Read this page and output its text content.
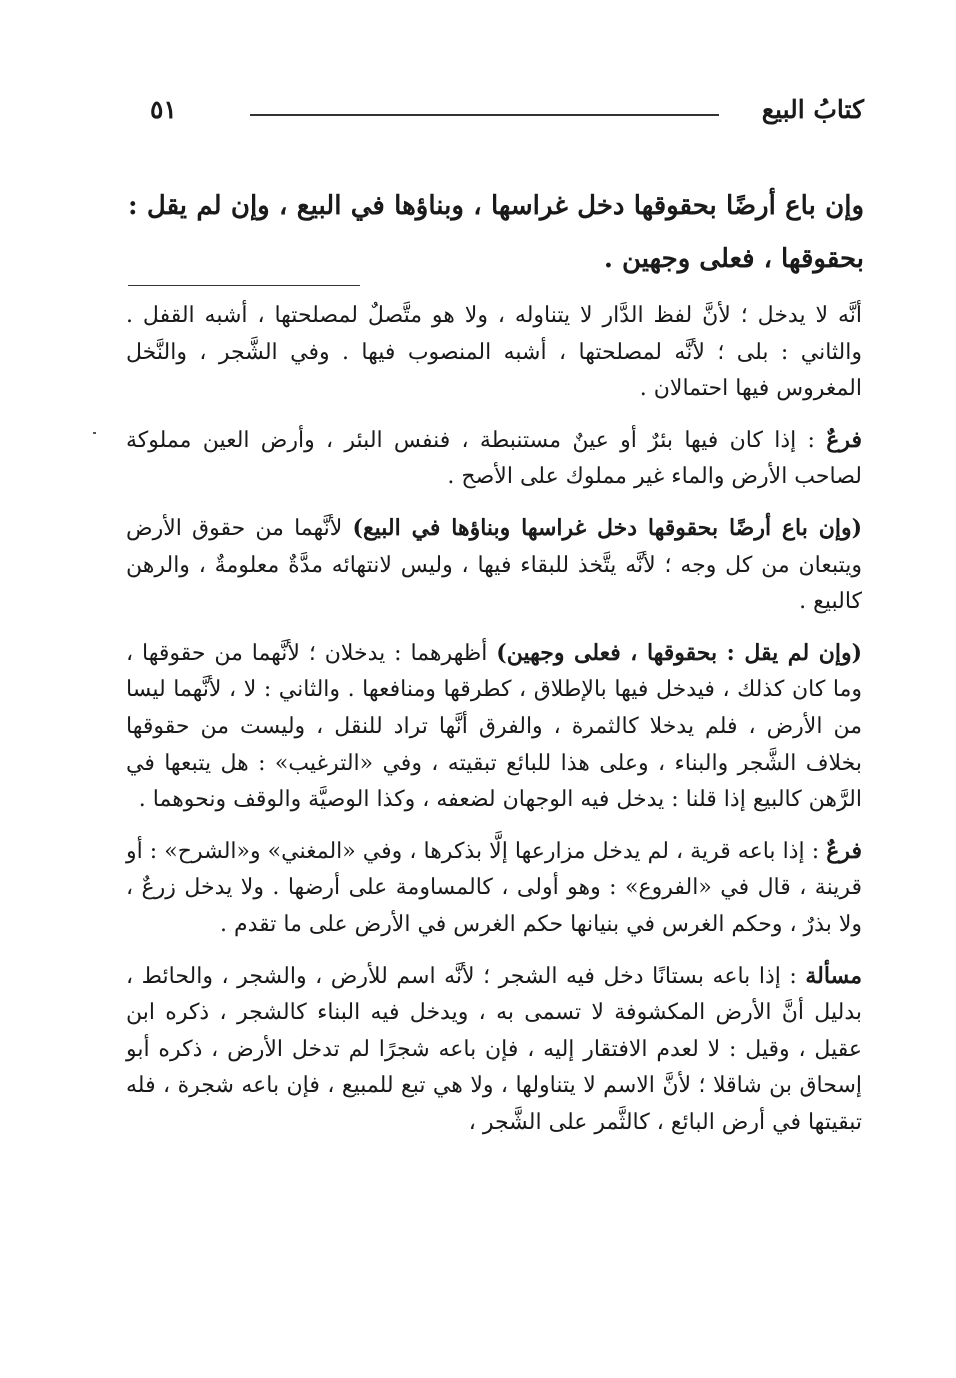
كتابُ البيع
٥١
وإن باع أرضًا بحقوقها دخل غراسها ، وبناؤها في البيع ، وإن لم يقل : بحقوقها ، فعلى وجهين .

أنَّه لا يدخل ؛ لأنَّ لفظ الدَّار لا يتناوله ، ولا هو متَّصلٌ لمصلحتها ، أشبه القفل . والثاني : بلى ؛ لأنَّه لمصلحتها ، أشبه المنصوب فيها . وفي الشَّجر ، والنَّخل المغروس فيها احتمالان .

فرعٌ : إذا كان فيها بئرٌ أو عينٌ مستنبطة ، فنفس البئر ، وأرض العين مملوكة لصاحب الأرض والماء غير مملوك على الأصح .

(وإن باع أرضًا بحقوقها دخل غراسها وبناؤها في البيع) لأنَّهما من حقوق الأرض ويتبعان من كل وجه ؛ لأنَّه يتَّخذ للبقاء فيها ، وليس لانتهائه مدَّةٌ معلومةٌ ، والرهن كالبيع .

(وإن لم يقل : بحقوقها ، فعلى وجهين) أظهرهما : يدخلان ؛ لأنَّهما من حقوقها ، وما كان كذلك ، فيدخل فيها بالإطلاق ، كطرقها ومنافعها . والثاني : لا ، لأنَّهما ليسا من الأرض ، فلم يدخلا كالثمرة ، والفرق أنَّها تراد للنقل ، وليست من حقوقها بخلاف الشَّجر والبناء ، وعلى هذا للبائع تبقيته ، وفي «الترغيب» : هل يتبعها في الرَّهن كالبيع إذا قلنا : يدخل فيه الوجهان لضعفه ، وكذا الوصيَّة والوقف ونحوهما .

فرعٌ : إذا باعه قرية ، لم يدخل مزارعها إلَّا بذكرها ، وفي «المغني» و«الشرح» : أو قرينة ، قال في «الفروع» : وهو أولى ، كالمساومة على أرضها . ولا يدخل زرعٌ ، ولا بذرٌ ، وحكم الغرس في بنيانها حكم الغرس في الأرض على ما تقدم .

مسألة : إذا باعه بستانًا دخل فيه الشجر ؛ لأنَّه اسم للأرض ، والشجر ، والحائط ، بدليل أنَّ الأرض المكشوفة لا تسمى به ، ويدخل فيه البناء كالشجر ، ذكره ابن عقيل ، وقيل : لا لعدم الافتقار إليه ، فإن باعه شجرًا لم تدخل الأرض ، ذكره أبو إسحاق بن شاقلا ؛ لأنَّ الاسم لا يتناولها ، ولا هي تبع للمبيع ، فإن باعه شجرة ، فله تبقيتها في أرض البائع ، كالثَّمر على الشَّجر ،
